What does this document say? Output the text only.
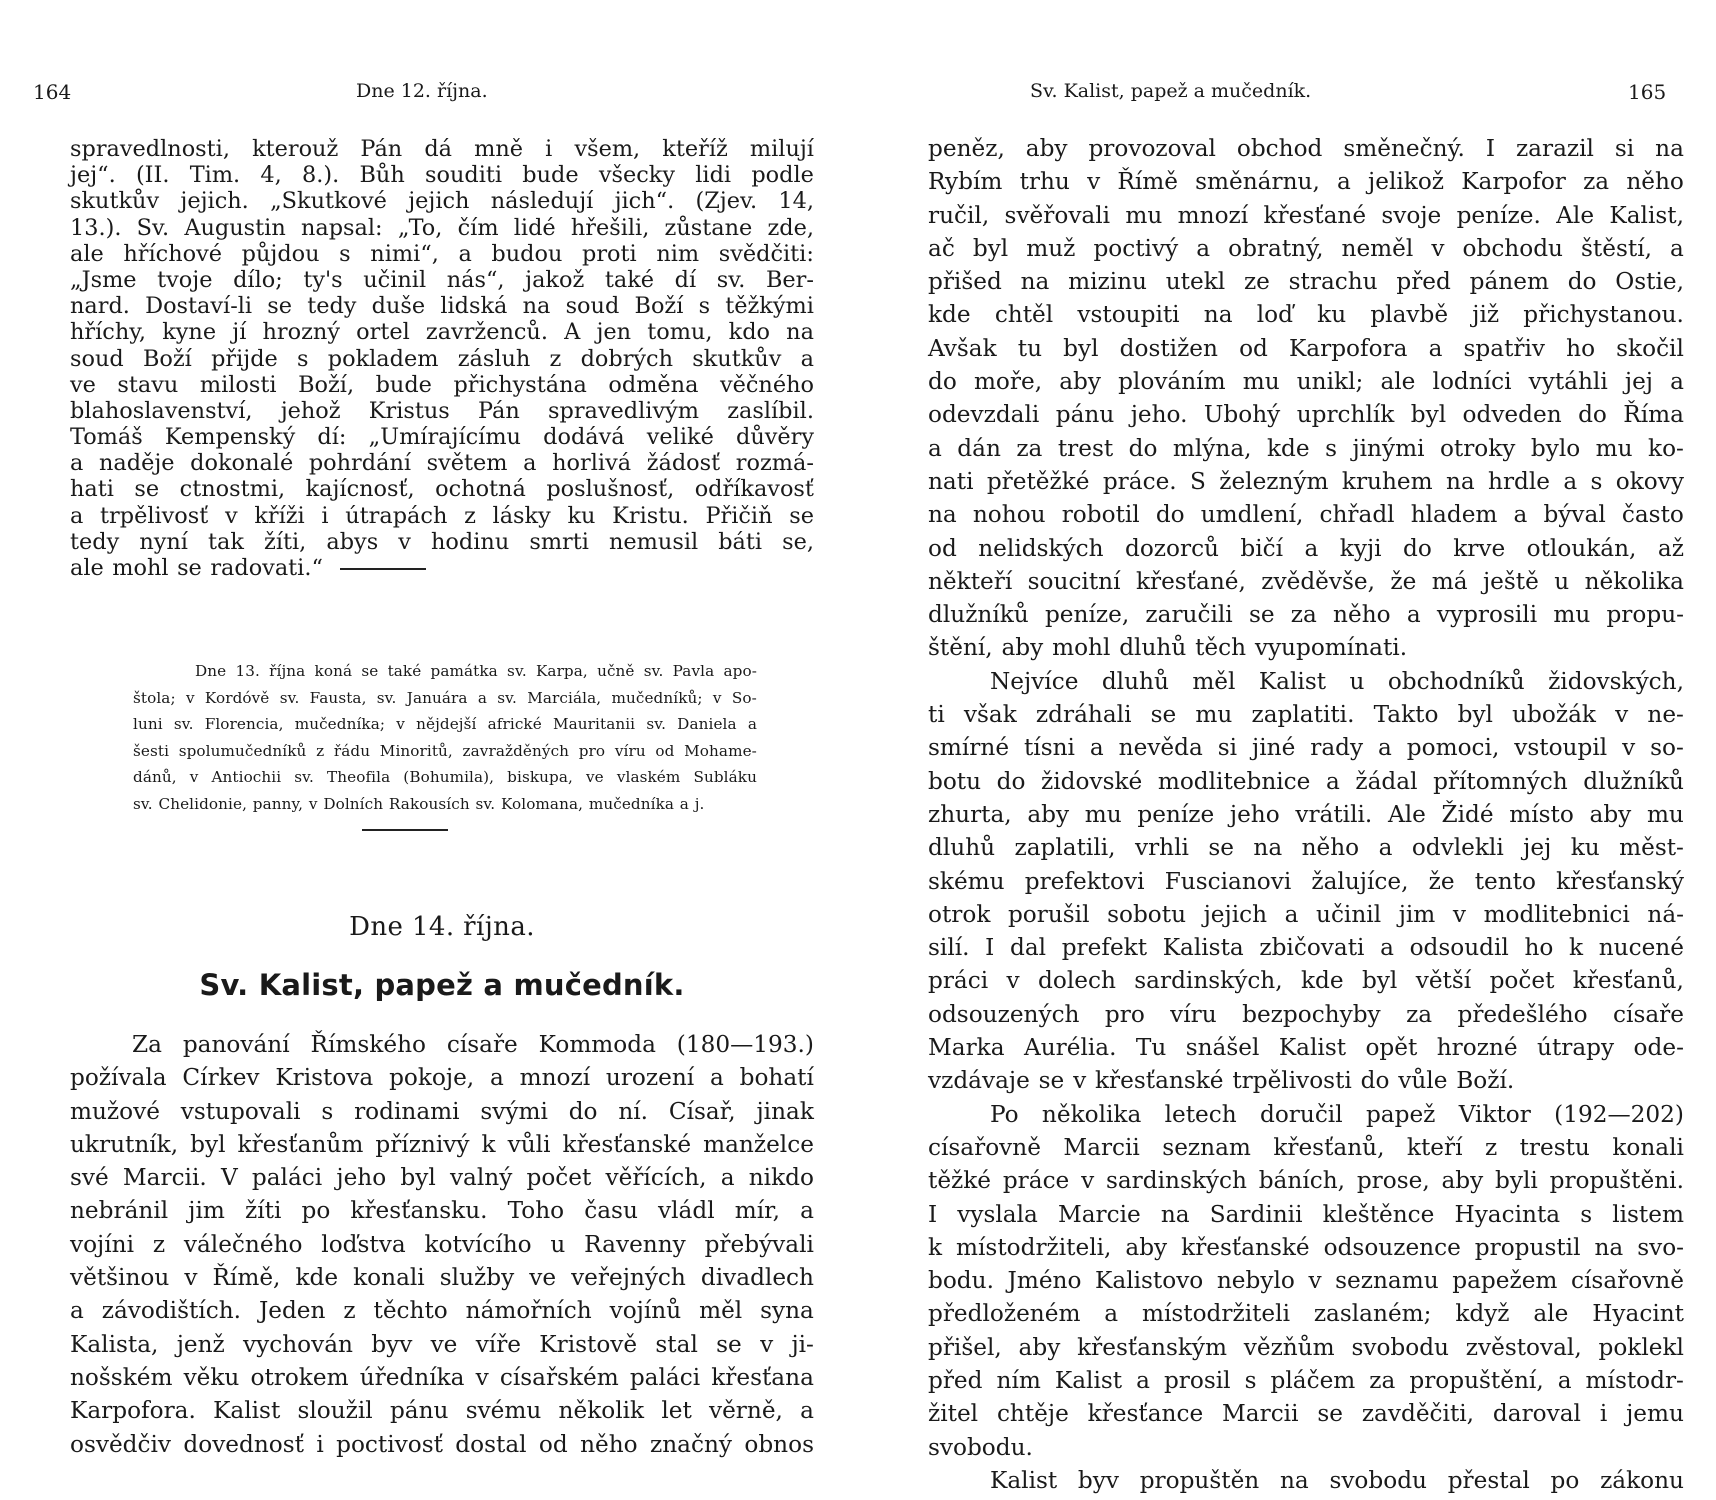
164	Dne 12. října.
spravedlnosti, kterouž Pán dá mně i všem, kteříž milují
jej“. (II. Tim. 4, 8.). Bůh souditi bude všecky lidi podle
skutkův jejich. „Skutkové jejich následují jich“. (Zjev. 14,
13.). Sv. Augustin napsal: „To, čím lidé hřešili, zůstane zde,
ale hříchové půjdou s nimi“, a budou proti nim svědčiti:
„Jsme tvoje dílo; ty's učinil nás“, jakož také dí sv. Ber-
nard. Dostaví-li se tedy duše lidská na soud Boží s těžkými
hříchy, kyne jí hrozný ortel zavrženců. A jen tomu, kdo na
soud Boží přijde s pokladem zásluh z dobrých skutkův a
ve stavu milosti Boží, bude přichystána odměna věčného
blahoslavenství, jehož Kristus Pán spravedlivým zaslíbil.
Tomáš Kempenský dí: „Umírajícímu dodává veliké důvěry
a naděje dokonalé pohrdání světem a horlivá žádosť rozmá-
hati se ctnostmi, kajícnosť, ochotná poslušnosť, odříkavosť
a trpělivosť v kříži i útrapách z lásky ku Kristu. Přičiň se
tedy nyní tak žíti, abys v hodinu smrti nemusil báti se,
ale mohl se radovati.“
Dne 13. října koná se také památka sv. Karpa, učně sv. Pavla apo-
štola; v Kordóvě sv. Fausta, sv. Januára a sv. Marciála, mučedníků; v So-
luni sv. Florencia, mučedníka; v nějdejší africké Mauritanii sv. Daniela a
šesti spolumučedníků z řádu Minoritů, zavražděných pro víru od Mohame-
dánů, v Antiochii sv. Theofila (Bohumila), biskupa, ve vlaském Subláku
sv. Chelidonie, panny, v Dolních Rakousích sv. Kolomana, mučedníka a j.
Dne 14. října.
Sv. Kalist, papež a mučedník.
Za panování Římského císaře Kommoda (180—193.)
požívala Církev Kristova pokoje, a mnozí urození a bohatí
mužové vstupovali s rodinami svými do ní. Císař, jinak
ukrutník, byl křesťanům příznivý k vůli křesťanské manželce
své Marcii. V paláci jeho byl valný počet věřících, a nikdo
nebránil jim žíti po křesťansku. Toho času vládl mír, a
vojíni z válečného loďstva kotvícího u Ravenny přebývali
většinou v Římě, kde konali služby ve veřejných divadlech
a závodištích. Jeden z těchto námořních vojínů měl syna
Kalista, jenž vychován byv ve víře Kristově stal se v ji-
nošském věku otrokem úředníka v císařském paláci křesťana
Karpofora. Kalist sloužil pánu svému několik let věrně, a
osvědčiv dovednosť i poctivosť dostal od něho značný obnos
Sv. Kalist, papež a mučedník.	165
peněz, aby provozoval obchod směnečný. I zarazil si na
Rybím trhu v Římě směnárnu, a jelikož Karpofor za něho
ručil, svěřovali mu mnozí křesťané svoje peníze. Ale Kalist,
ač byl muž poctivý a obratný, neměl v obchodu štěstí, a
přišed na mizinu utekl ze strachu před pánem do Ostie,
kde chtěl vstoupiti na loď ku plavbě již přichystanou.
Avšak tu byl dostižen od Karpofora a spatřiv ho skočil
do moře, aby plováním mu unikl; ale lodníci vytáhli jej a
odevzdali pánu jeho. Ubohý uprchlík byl odveden do Říma
a dán za trest do mlýna, kde s jinými otroky bylo mu ko-
nati přetěžké práce. S železným kruhem na hrdle a s okovy
na nohou robotil do umdlení, chřadl hladem a býval často
od nelidských dozorců bičí a kyji do krve otloukán, až
někteří soucitní křesťané, zvěděvše, že má ještě u několika
dlužníků peníze, zaručili se za něho a vyprosili mu propu-
štění, aby mohl dluhů těch vyupomínati.
Nejvíce dluhů měl Kalist u obchodníků židovských,
ti však zdráhali se mu zaplatiti. Takto byl ubožák v ne-
smírné tísni a nevěda si jiné rady a pomoci, vstoupil v so-
botu do židovské modlitebnice a žádal přítomných dlužníků
zhurta, aby mu peníze jeho vrátili. Ale Židé místo aby mu
dluhů zaplatili, vrhli se na něho a odvlekli jej ku měst-
skému prefektovi Fuscianovi žalujíce, že tento křesťanský
otrok porušil sobotu jejich a učinil jim v modlitebnici ná-
silí. I dal prefekt Kalista zbičovati a odsoudil ho k nucené
práci v dolech sardinských, kde byl větší počet křesťanů,
odsouzených pro víru bezpochyby za předešlého císaře
Marka Aurélia. Tu snášel Kalist opět hrozné útrapy ode-
vzdávaje se v křesťanské trpělivosti do vůle Boží.
Po několika letech doručil papež Viktor (192—202)
císařovně Marcii seznam křesťanů, kteří z trestu konali
těžké práce v sardinských báních, prose, aby byli propuštěni.
I vyslala Marcie na Sardinii kleštěnce Hyacinta s listem
k místodržiteli, aby křesťanské odsouzence propustil na svo-
bodu. Jméno Kalistovo nebylo v seznamu papežem císařovně
předloženém a místodržiteli zaslaném; když ale Hyacint
přišel, aby křesťanským vězňům svobodu zvěstoval, poklekl
před ním Kalist a prosil s pláčem za propuštění, a místodr-
žitel chtěje křesťance Marcii se zavděčiti, daroval i jemu
svobodu.
Kalist byv propuštěn na svobodu přestal po zákonu
